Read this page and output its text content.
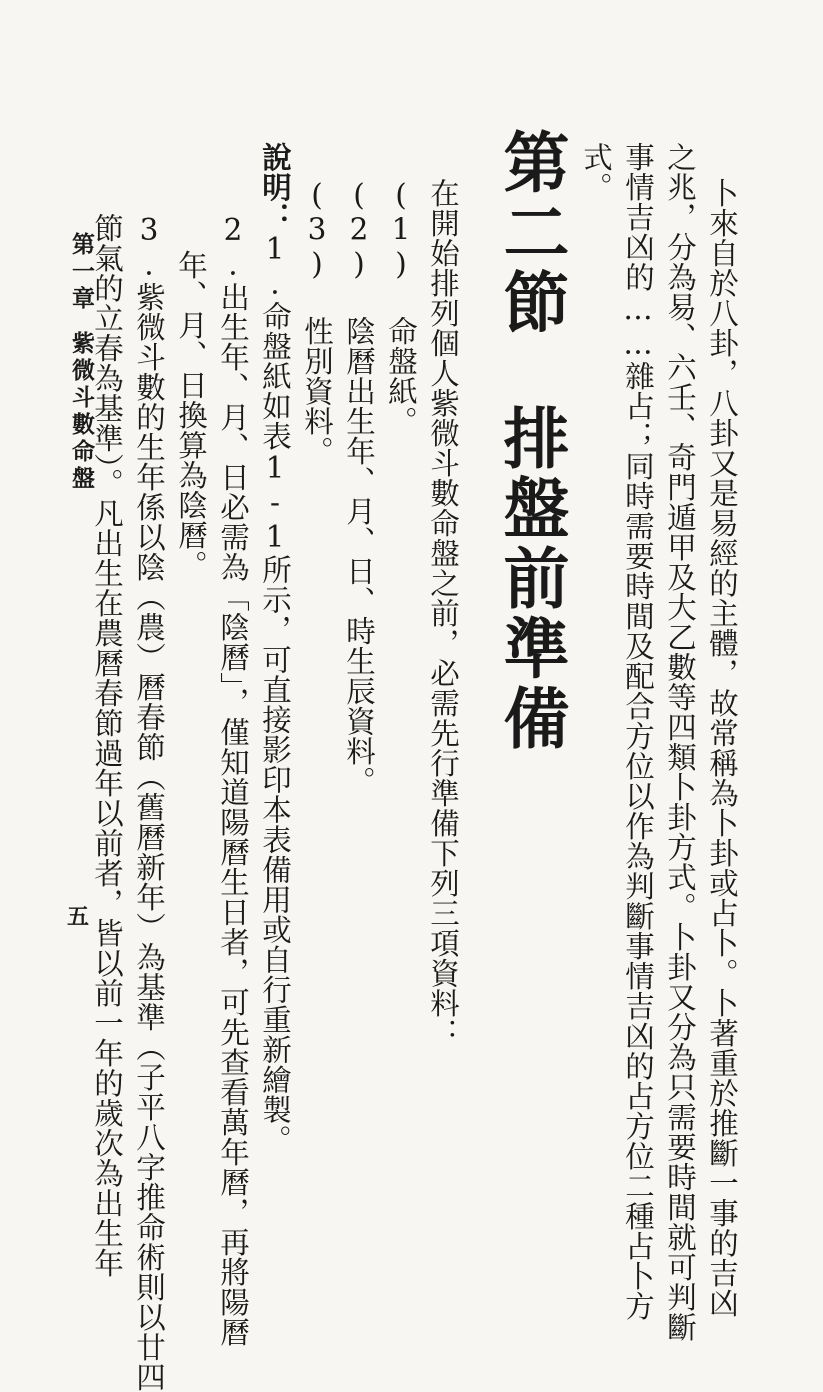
卜來自於八卦，八卦又是易經的主體，故常稱為卜卦或占卜。卜著重於推斷一事的吉凶
之兆，分為易、六壬、奇門遁甲及大乙數等四類卜卦方式。卜卦又分為只需要時間就可判斷
事情吉凶的……雜占；同時需要時間及配合方位以作為判斷事情吉凶的占方位二種占卜方
式。
第二節排盤前準備
在開始排列個人紫微斗數命盤之前，必需先行準備下列三項資料：
(1) 命盤紙。
(2) 陰曆出生年、月、日、時生辰資料。
(3) 性別資料。
說明：1.命盤紙如表1-1所示，可直接影印本表備用或自行重新繪製。
2.出生年、月、日必需為「陰曆」，僅知道陽曆生日者，可先查看萬年曆，再將陽曆
年、月、日換算為陰曆。
3.紫微斗數的生年係以陰（農）曆春節（舊曆新年）為基準（子平八字推命術則以廿四
節氣的立春為基準）。凡出生在農曆春節過年以前者，皆以前一年的歲次為出生年
第一章紫微斗數命盤
五
